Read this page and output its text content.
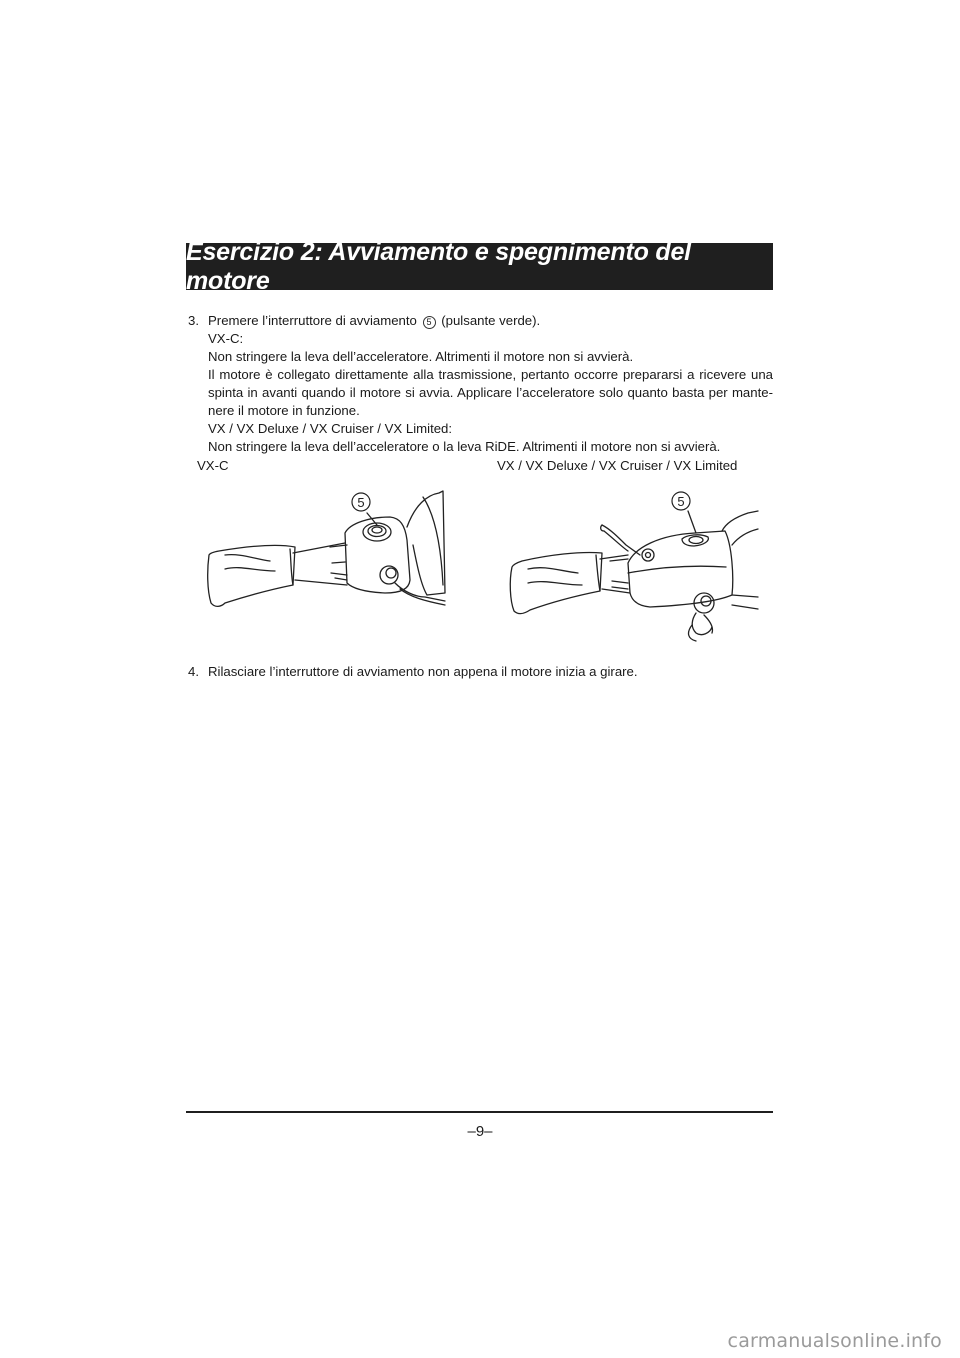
Esercizio 2: Avviamento e spegnimento del motore
3. Premere l’interruttore di avviamento 5 (pulsante verde).
VX-C:
Non stringere la leva dell’acceleratore. Altrimenti il motore non si avvierà.
Il motore è collegato direttamente alla trasmissione, pertanto occorre prepararsi a ricevere una
spinta in avanti quando il motore si avvia. Applicare l’acceleratore solo quanto basta per mante-
nere il motore in funzione.
VX / VX Deluxe / VX Cruiser / VX Limited:
Non stringere la leva dell’acceleratore o la leva RiDE. Altrimenti il motore non si avvierà.
VX-C	VX / VX Deluxe / VX Cruiser / VX Limited
5	5
4. Rilasciare l’interruttore di avviamento non appena il motore inizia a girare.
–9–
carmanualsonline.info
